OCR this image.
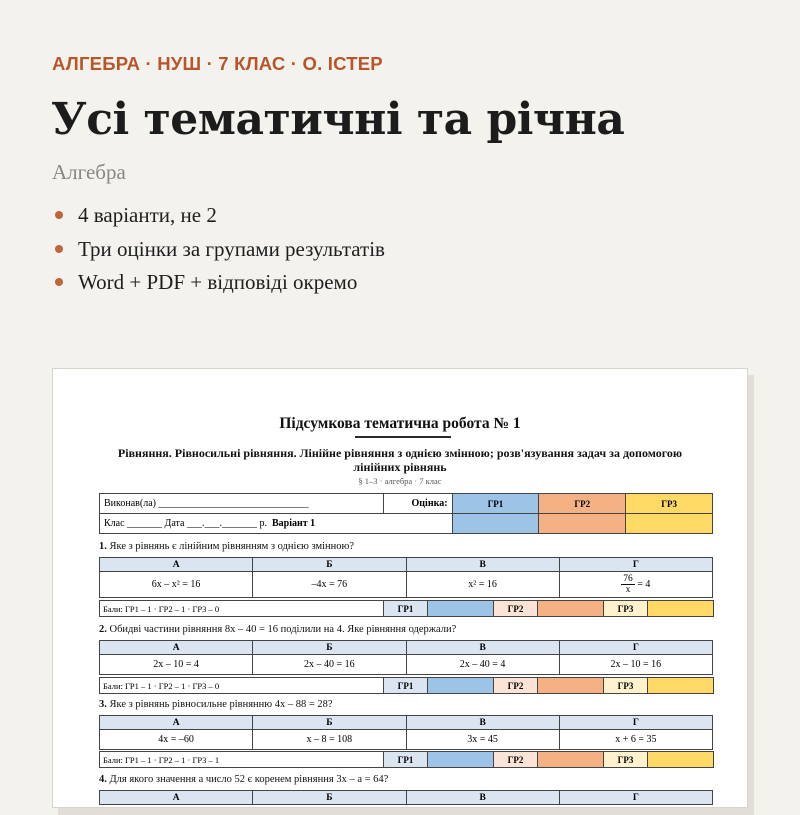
АЛГЕБРА · НУШ · 7 КЛАС · О. ІСТЕР
Усі тематичні та річна
Алгебра
4 варіанти, не 2
Три оцінки за групами результатів
Word + PDF + відповіді окремо
Підсумкова тематична робота № 1
Рівняння. Рівносильні рівняння. Лінійне рівняння з однією змінною; розв'язування задач за допомогою лінійних рівнянь
§ 1–3 · алгебра · 7 клас
Виконав(ла) ______________________________	Оцінка:	ГР1	ГР2	ГР3
Клас _______ Дата ___.___._______ р. Варіант 1				
1. Яке з рівнянь є лінійним рівнянням з однією змінною?
А	Б	В	Г
6x – x² = 16	–4x = 76	x² = 16	$\frac{76}{x} = 4$
Бали: ГР1 – 1 · ГР2 – 1 · ГР3 – 0	ГР1		ГР2		ГР3	
2. Обидві частини рівняння 8x – 40 = 16 поділили на 4. Яке рівняння одержали?
А	Б	В	Г
2x – 10 = 4	2x – 40 = 16	2x – 40 = 4	2x – 10 = 16
Бали: ГР1 – 1 · ГР2 – 1 · ГР3 – 0	ГР1		ГР2		ГР3	
3. Яке з рівнянь рівносильне рівнянню 4x – 88 = 28?
А	Б	В	Г
4x = –60	x – 8 = 108	3x = 45	x + 6 = 35
Бали: ГР1 – 1 · ГР2 – 1 · ГР3 – 1	ГР1		ГР2		ГР3	
4. Для якого значення a число 52 є коренем рівняння 3x – a = 64?
А	Б	В	Г
